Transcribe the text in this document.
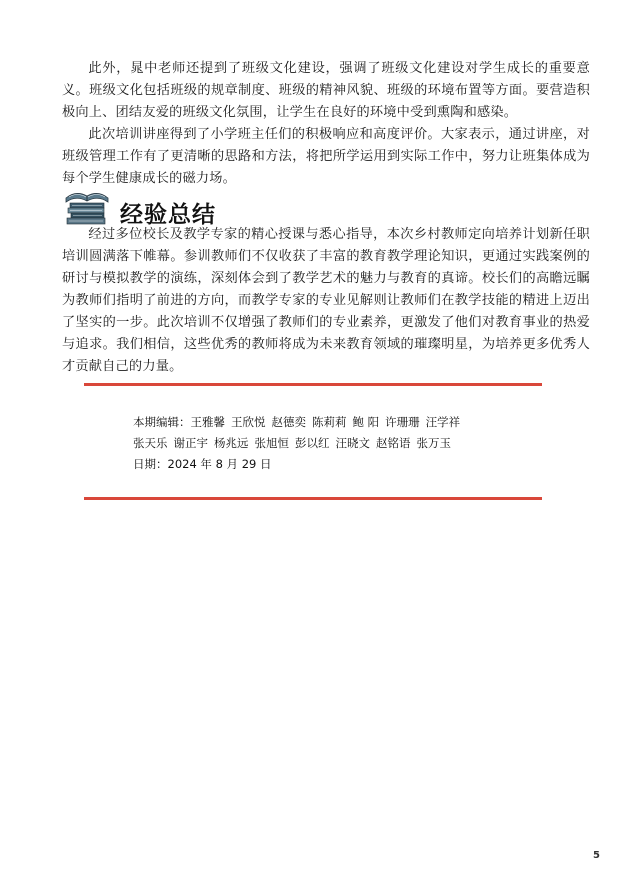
此外，晁中老师还提到了班级文化建设，强调了班级文化建设对学生成长的重要意义。班级文化包括班级的规章制度、班级的精神风貌、班级的环境布置等方面。要营造积极向上、团结友爱的班级文化氛围，让学生在良好的环境中受到熏陶和感染。

此次培训讲座得到了小学班主任们的积极响应和高度评价。大家表示，通过讲座，对班级管理工作有了更清晰的思路和方法，将把所学运用到实际工作中，努力让班集体成为每个学生健康成长的磁力场。

经验总结

经过多位校长及教学专家的精心授课与悉心指导，本次乡村教师定向培养计划新任职培训圆满落下帷幕。参训教师们不仅收获了丰富的教育教学理论知识，更通过实践案例的研讨与模拟教学的演练，深刻体会到了教学艺术的魅力与教育的真谛。校长们的高瞻远瞩为教师们指明了前进的方向，而教学专家的专业见解则让教师们在教学技能的精进上迈出了坚实的一步。此次培训不仅增强了教师们的专业素养，更激发了他们对教育事业的热爱与追求。我们相信，这些优秀的教师将成为未来教育领域的璀璨明星，为培养更多优秀人才贡献自己的力量。

本期编辑：王雅馨 王欣悦 赵德奕 陈莉莉 鲍 阳 许珊珊 汪学祥
张天乐 谢正宇 杨兆远 张旭恒 彭以红 汪晓文 赵铭语 张万玉
日期：2024 年 8 月 29 日
5
